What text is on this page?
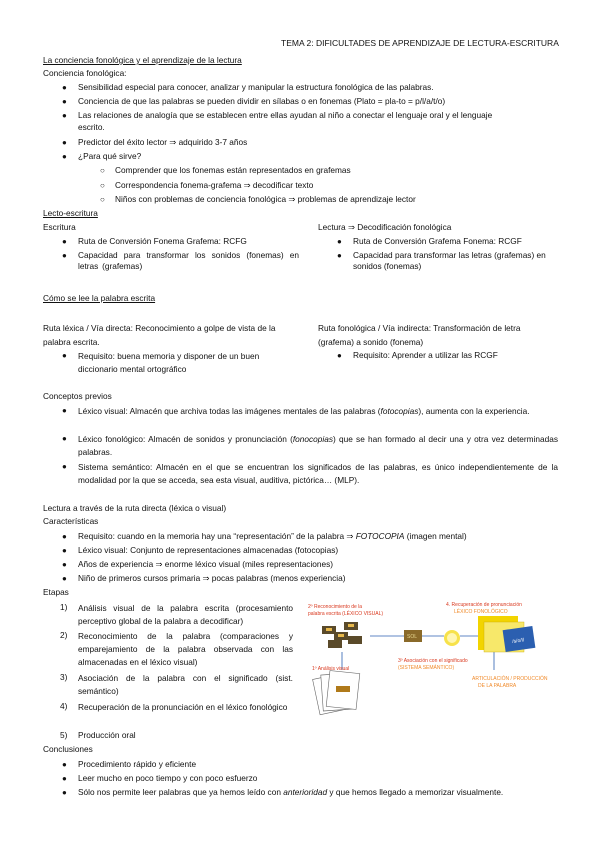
TEMA 2: DIFICULTADES DE APRENDIZAJE DE LECTURA-ESCRITURA
La conciencia fonológica y el aprendizaje de la lectura
Conciencia fonológica:
● Sensibilidad especial para conocer, analizar y manipular la estructura fonológica de las palabras.
● Conciencia de que las palabras se pueden dividir en sílabas o en fonemas (Plato = pla-to = p/l/a/t/o)
● Las relaciones de analogía que se establecen entre ellas ayudan al niño a conectar el lenguaje oral y el lenguaje
escrito.
● Predictor del éxito lector ⇒ adquirido 3-7 años
● ¿Para qué sirve?
○ Comprender que los fonemas están representados en grafemas
○ Correspondencia fonema-grafema ⇒ decodificar texto
○ Niños con problemas de conciencia fonológica ⇒ problemas de aprendizaje lector
Lecto-escritura
Escritura
● Ruta de Conversión Fonema Grafema: RCFG
● Capacidad para transformar los sonidos (fonemas) en letras (grafemas)
Lectura ⇒ Decodificación fonológica
● Ruta de Conversión Grafema Fonema: RCGF
● Capacidad para transformar las letras (grafemas) en sonidos (fonemas)
Cómo se lee la palabra escrita
Ruta léxica / Vía directa: Reconocimiento a golpe de vista de la palabra escrita.
● Requisito: buena memoria y disponer de un buen diccionario mental ortográfico
Ruta fonológica / Vía indirecta: Transformación de letra (grafema) a sonido (fonema)
● Requisito: Aprender a utilizar las RCGF
Conceptos previos
● Léxico visual: Almacén que archiva todas las imágenes mentales de las palabras (fotocopias), aumenta con la experiencia.
● Léxico fonológico: Almacén de sonidos y pronunciación (fonocopias) que se han formado al decir una y otra vez determinadas palabras.
● Sistema semántico: Almacén en el que se encuentran los significados de las palabras, es único independientemente de la modalidad por la que se acceda, sea esta visual, auditiva, pictórica… (MLP).
Lectura a través de la ruta directa (léxica o visual)
Características
● Requisito: cuando en la memoria hay una “representación” de la palabra ⇒ FOTOCOPIA (imagen mental)
● Léxico visual: Conjunto de representaciones almacenadas (fotocopias)
● Años de experiencia ⇒ enorme léxico visual (miles representaciones)
● Niño de primeros cursos primaria ⇒ pocas palabras (menos experiencia)
Etapas
1) Análisis visual de la palabra escrita (procesamiento perceptivo global de la palabra a decodificar)
2) Reconocimiento de la palabra (comparaciones y emparejamiento de la palabra observada con las almacenadas en el léxico visual)
3) Asociación de la palabra con el significado (sist. semántico)
4) Recuperación de la pronunciación en el léxico fonológico
5) Producción oral
Conclusiones
● Procedimiento rápido y eficiente
● Leer mucho en poco tiempo y con poco esfuerzo
● Sólo nos permite leer palabras que ya hemos leído con anterioridad y que hemos llegado a memorizar visualmente.
SOL
/s/o/l/
2º Reconocimiento de la
palabra escrita (LÉXICO VISUAL)
4. Recuperación de pronunciación
LÉXICO FONOLÓGICO
1º Análisis visual
3º Asociación con el significado
(SISTEMA SEMÁNTICO)
ARTICULACIÓN / PRODUCCIÓN
DE LA PALABRA
